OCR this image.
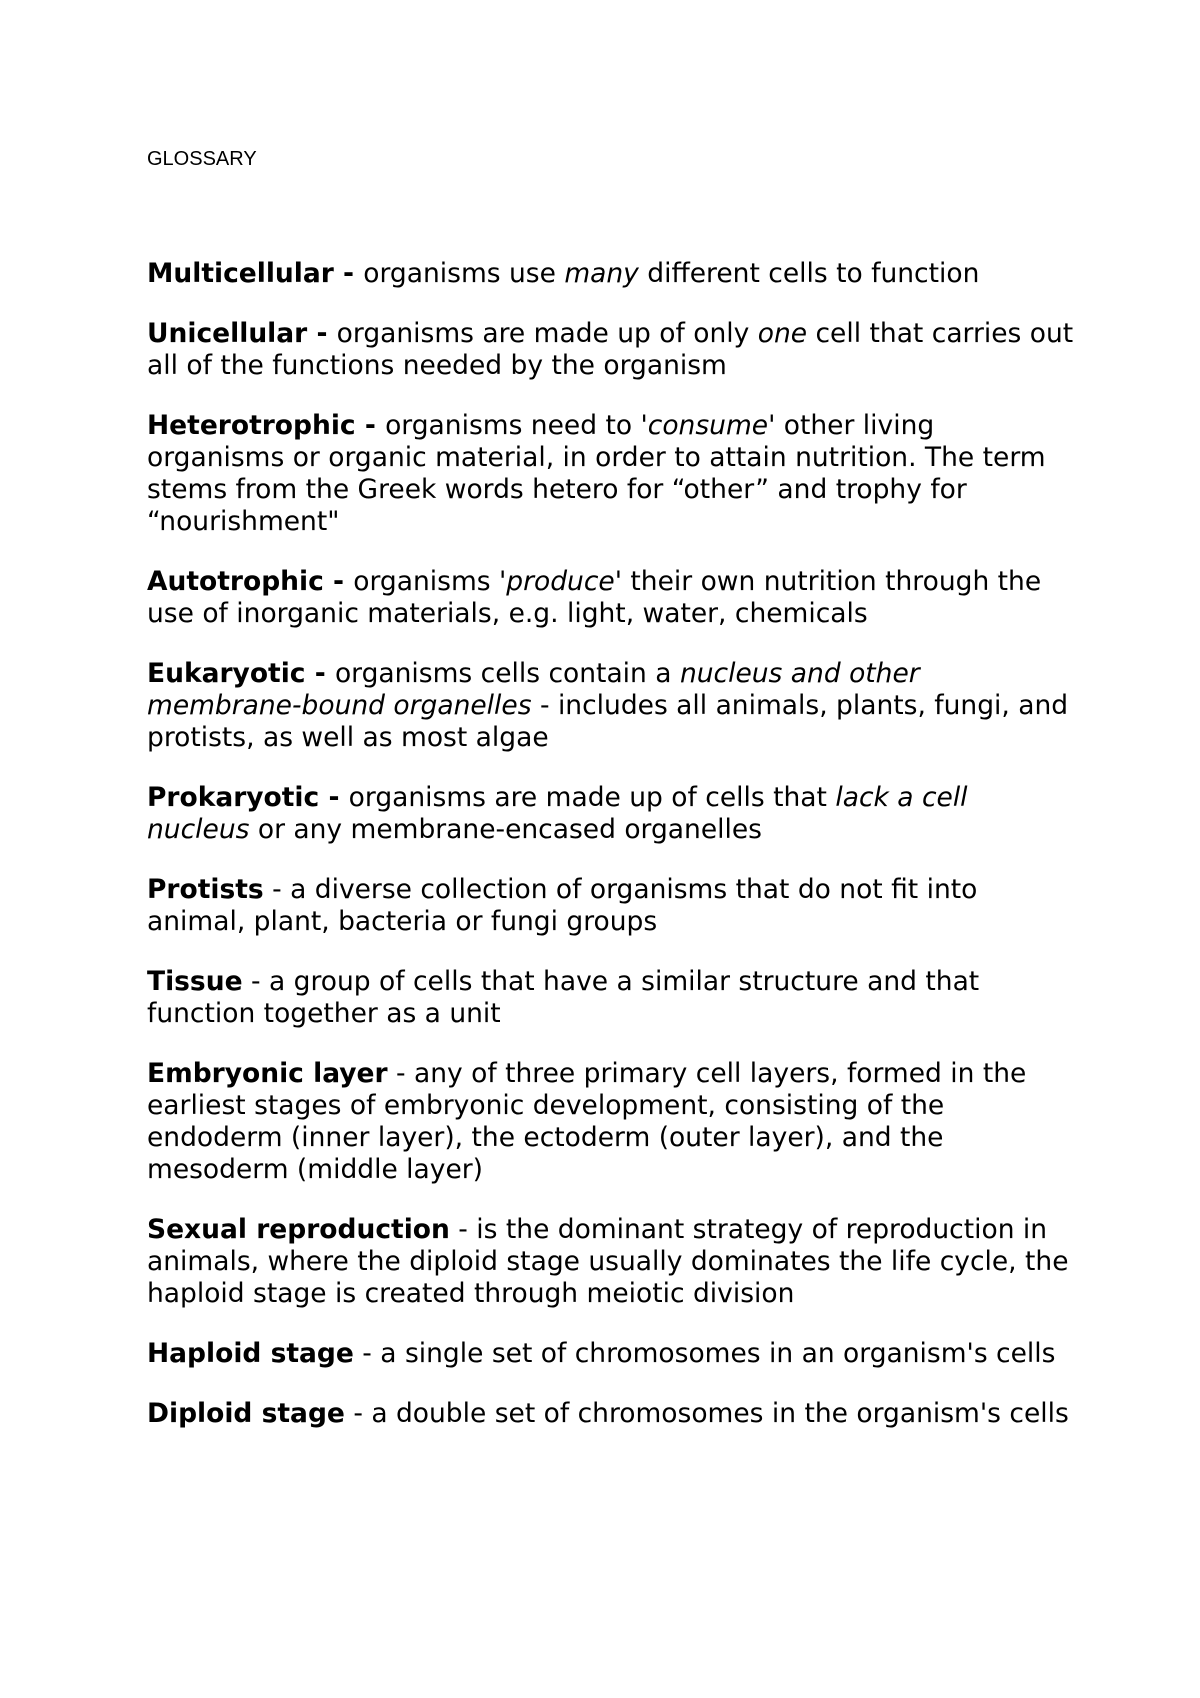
GLOSSARY

Multicellular - organisms use many different cells to function

Unicellular - organisms are made up of only one cell that carries out all of the functions needed by the organism

Heterotrophic - organisms need to 'consume' other living organisms or organic material, in order to attain nutrition. The term stems from the Greek words hetero for “other” and trophy for “nourishment"

Autotrophic - organisms 'produce' their own nutrition through the use of inorganic materials, e.g. light, water, chemicals

Eukaryotic - organisms cells contain a nucleus and other membrane-bound organelles - includes all animals, plants, fungi, and protists, as well as most algae

Prokaryotic - organisms are made up of cells that lack a cell nucleus or any membrane-encased organelles

Protists - a diverse collection of organisms that do not fit into animal, plant, bacteria or fungi groups

Tissue - a group of cells that have a similar structure and that function together as a unit

Embryonic layer - any of three primary cell layers, formed in the earliest stages of embryonic development, consisting of the endoderm (inner layer), the ectoderm (outer layer), and the mesoderm (middle layer)

Sexual reproduction - is the dominant strategy of reproduction in animals, where the diploid stage usually dominates the life cycle, the haploid stage is created through meiotic division

Haploid stage - a single set of chromosomes in an organism's cells

Diploid stage - a double set of chromosomes in the organism's cells
